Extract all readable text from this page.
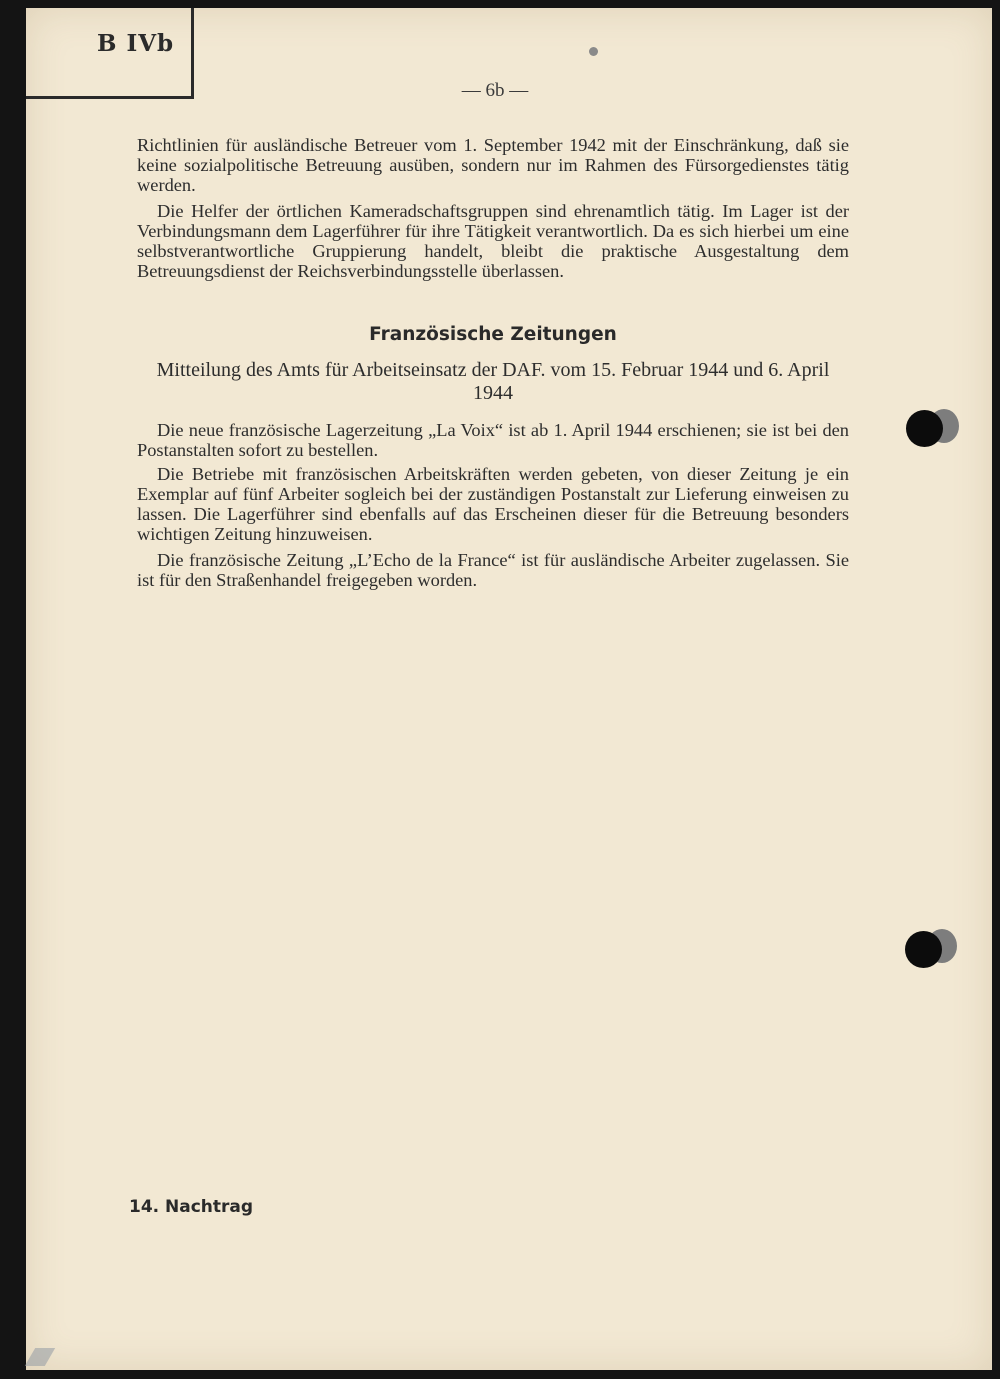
B IVb
— 6b —

Richtlinien für ausländische Betreuer vom 1. September 1942 mit der Einschränkung, daß sie keine sozialpolitische Betreuung ausüben, sondern nur im Rahmen des Fürsorgedienstes tätig werden.

Die Helfer der örtlichen Kameradschaftsgruppen sind ehrenamtlich tätig. Im Lager ist der Verbindungsmann dem Lagerführer für ihre Tätigkeit verantwortlich. Da es sich hierbei um eine selbstverantwortliche Gruppierung handelt, bleibt die praktische Ausgestaltung dem Betreuungsdienst der Reichsverbindungsstelle überlassen.

Französische Zeitungen

Mitteilung des Amts für Arbeitseinsatz der DAF. vom 15. Februar 1944 und 6. April 1944

Die neue französische Lagerzeitung „La Voix“ ist ab 1. April 1944 erschienen; sie ist bei den Postanstalten sofort zu bestellen.

Die Betriebe mit französischen Arbeitskräften werden gebeten, von dieser Zeitung je ein Exemplar auf fünf Arbeiter sogleich bei der zuständigen Postanstalt zur Lieferung einweisen zu lassen. Die Lagerführer sind ebenfalls auf das Erscheinen dieser für die Betreuung besonders wichtigen Zeitung hinzuweisen.

Die französische Zeitung „L’Echo de la France“ ist für ausländische Arbeiter zugelassen. Sie ist für den Straßenhandel freigegeben worden.

14. Nachtrag
